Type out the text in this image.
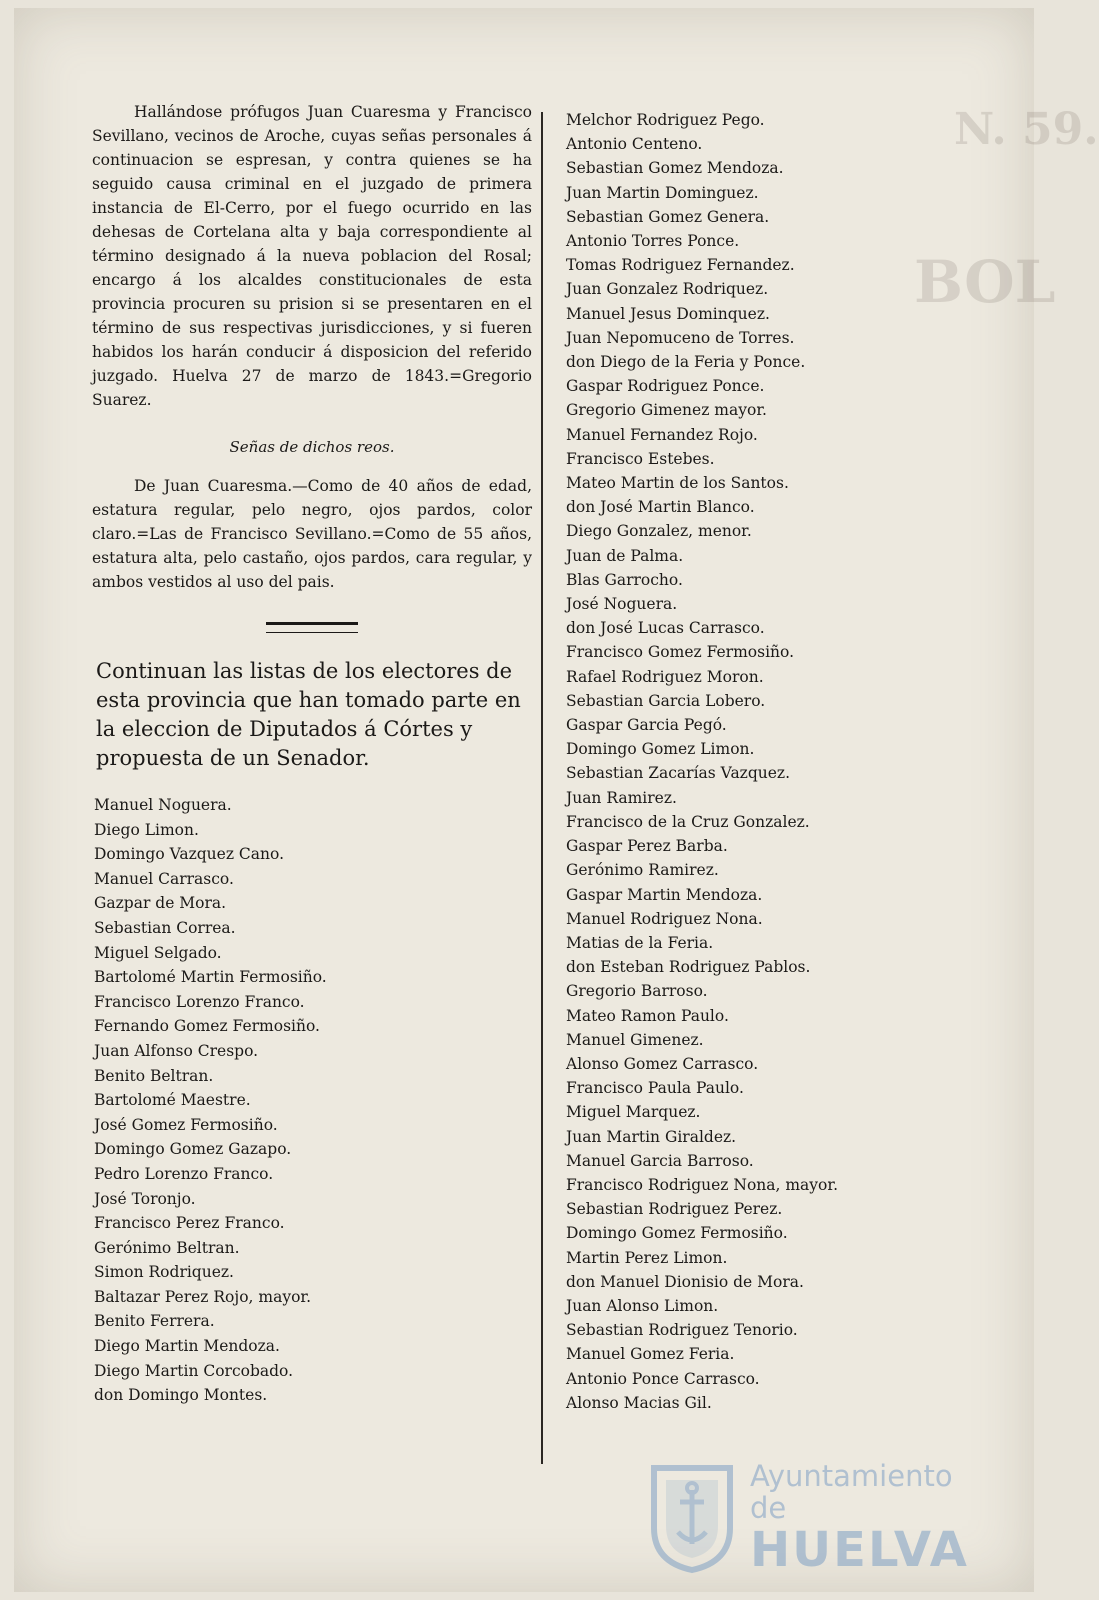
N. 59.
BOL

Hallándose prófugos Juan Cuaresma y Francisco Sevillano, vecinos de Aroche, cuyas señas personales á continuacion se espresan, y contra quienes se ha seguido causa criminal en el juzgado de primera instancia de El-Cerro, por el fuego ocurrido en las dehesas de Cortelana alta y baja correspondiente al término designado á la nueva poblacion del Rosal; encargo á los alcaldes constitucionales de esta provincia procuren su prision si se presentaren en el término de sus respectivas jurisdicciones, y si fueren habidos los harán conducir á disposicion del referido juzgado. Huelva 27 de marzo de 1843.=Gregorio Suarez.

Señas de dichos reos.

De Juan Cuaresma.—Como de 40 años de edad, estatura regular, pelo negro, ojos pardos, color claro.=Las de Francisco Sevillano.=Como de 55 años, estatura alta, pelo castaño, ojos pardos, cara regular, y ambos vestidos al uso del pais.

Continuan las listas de los electores de esta provincia que han tomado parte en la eleccion de Diputados á Córtes y propuesta de un Senador.
Manuel Noguera.
Diego Limon.
Domingo Vazquez Cano.
Manuel Carrasco.
Gazpar de Mora.
Sebastian Correa.
Miguel Selgado.
Bartolomé Martin Fermosiño.
Francisco Lorenzo Franco.
Fernando Gomez Fermosiño.
Juan Alfonso Crespo.
Benito Beltran.
Bartolomé Maestre.
José Gomez Fermosiño.
Domingo Gomez Gazapo.
Pedro Lorenzo Franco.
José Toronjo.
Francisco Perez Franco.
Gerónimo Beltran.
Simon Rodriquez.
Baltazar Perez Rojo, mayor.
Benito Ferrera.
Diego Martin Mendoza.
Diego Martin Corcobado.
don Domingo Montes.
Melchor Rodriguez Pego.
Antonio Centeno.
Sebastian Gomez Mendoza.
Juan Martin Dominguez.
Sebastian Gomez Genera.
Antonio Torres Ponce.
Tomas Rodriguez Fernandez.
Juan Gonzalez Rodriquez.
Manuel Jesus Dominquez.
Juan Nepomuceno de Torres.
don Diego de la Feria y Ponce.
Gaspar Rodriguez Ponce.
Gregorio Gimenez mayor.
Manuel Fernandez Rojo.
Francisco Estebes.
Mateo Martin de los Santos.
don José Martin Blanco.
Diego Gonzalez, menor.
Juan de Palma.
Blas Garrocho.
José Noguera.
don José Lucas Carrasco.
Francisco Gomez Fermosiño.
Rafael Rodriguez Moron.
Sebastian Garcia Lobero.
Gaspar Garcia Pegó.
Domingo Gomez Limon.
Sebastian Zacarías Vazquez.
Juan Ramirez.
Francisco de la Cruz Gonzalez.
Gaspar Perez Barba.
Gerónimo Ramirez.
Gaspar Martin Mendoza.
Manuel Rodriguez Nona.
Matias de la Feria.
don Esteban Rodriguez Pablos.
Gregorio Barroso.
Mateo Ramon Paulo.
Manuel Gimenez.
Alonso Gomez Carrasco.
Francisco Paula Paulo.
Miguel Marquez.
Juan Martin Giraldez.
Manuel Garcia Barroso.
Francisco Rodriguez Nona, mayor.
Sebastian Rodriguez Perez.
Domingo Gomez Fermosiño.
Martin Perez Limon.
don Manuel Dionisio de Mora.
Juan Alonso Limon.
Sebastian Rodriguez Tenorio.
Manuel Gomez Feria.
Antonio Ponce Carrasco.
Alonso Macias Gil.
Ayuntamiento de
HUELVA
